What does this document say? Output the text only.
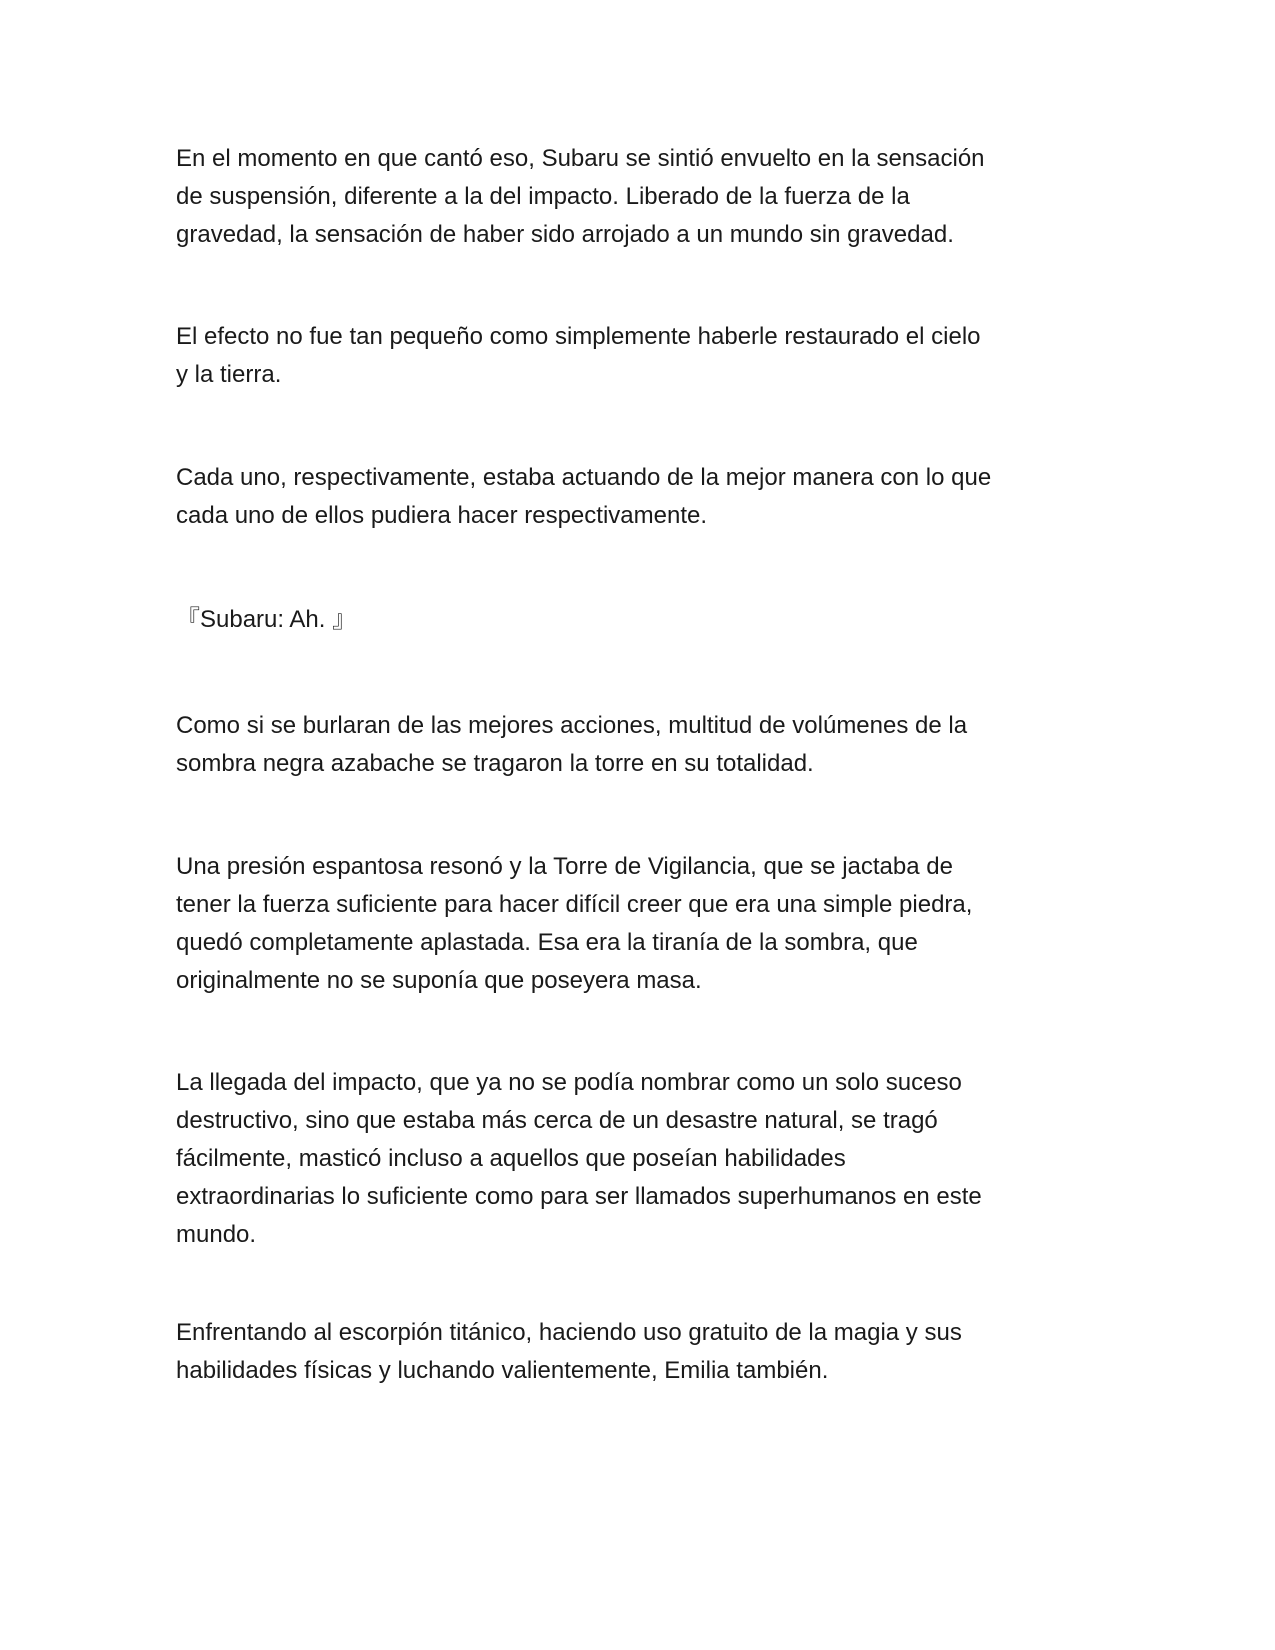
En el momento en que cantó eso, Subaru se sintió envuelto en la sensación
de suspensión, diferente a la del impacto. Liberado de la fuerza de la
gravedad, la sensación de haber sido arrojado a un mundo sin gravedad.

El efecto no fue tan pequeño como simplemente haberle restaurado el cielo
y la tierra.

Cada uno, respectivamente, estaba actuando de la mejor manera con lo que
cada uno de ellos pudiera hacer respectivamente.

『Subaru: Ah. 』

Como si se burlaran de las mejores acciones, multitud de volúmenes de la
sombra negra azabache se tragaron la torre en su totalidad.

Una presión espantosa resonó y la Torre de Vigilancia, que se jactaba de
tener la fuerza suficiente para hacer difícil creer que era una simple piedra,
quedó completamente aplastada. Esa era la tiranía de la sombra, que
originalmente no se suponía que poseyera masa.

La llegada del impacto, que ya no se podía nombrar como un solo suceso
destructivo, sino que estaba más cerca de un desastre natural, se tragó
fácilmente, masticó incluso a aquellos que poseían habilidades
extraordinarias lo suficiente como para ser llamados superhumanos en este
mundo.

Enfrentando al escorpión titánico, haciendo uso gratuito de la magia y sus
habilidades físicas y luchando valientemente, Emilia también.
